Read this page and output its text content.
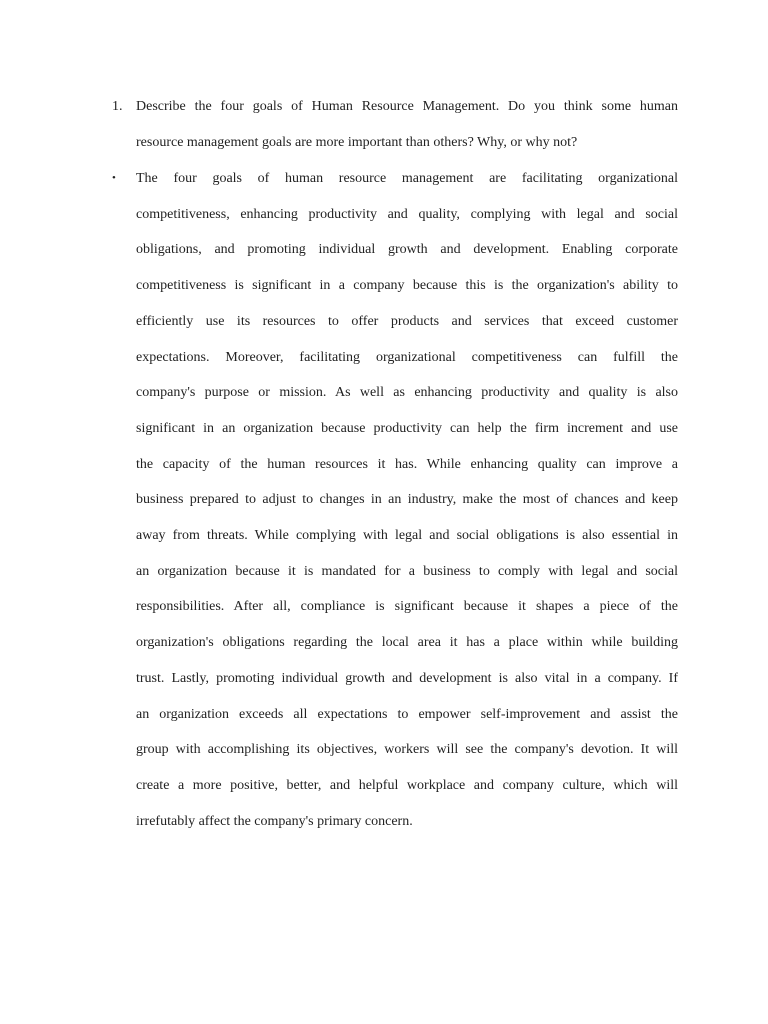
1. Describe the four goals of Human Resource Management. Do you think some human
resource management goals are more important than others? Why, or why not?
• The four goals of human resource management are facilitating organizational
competitiveness, enhancing productivity and quality, complying with legal and social
obligations, and promoting individual growth and development. Enabling corporate
competitiveness is significant in a company because this is the organization's ability to
efficiently use its resources to offer products and services that exceed customer
expectations. Moreover, facilitating organizational competitiveness can fulfill the
company's purpose or mission. As well as enhancing productivity and quality is also
significant in an organization because productivity can help the firm increment and use
the capacity of the human resources it has. While enhancing quality can improve a
business prepared to adjust to changes in an industry, make the most of chances and keep
away from threats. While complying with legal and social obligations is also essential in
an organization because it is mandated for a business to comply with legal and social
responsibilities. After all, compliance is significant because it shapes a piece of the
organization's obligations regarding the local area it has a place within while building
trust. Lastly, promoting individual growth and development is also vital in a company. If
an organization exceeds all expectations to empower self-improvement and assist the
group with accomplishing its objectives, workers will see the company's devotion. It will
create a more positive, better, and helpful workplace and company culture, which will
irrefutably affect the company's primary concern.
